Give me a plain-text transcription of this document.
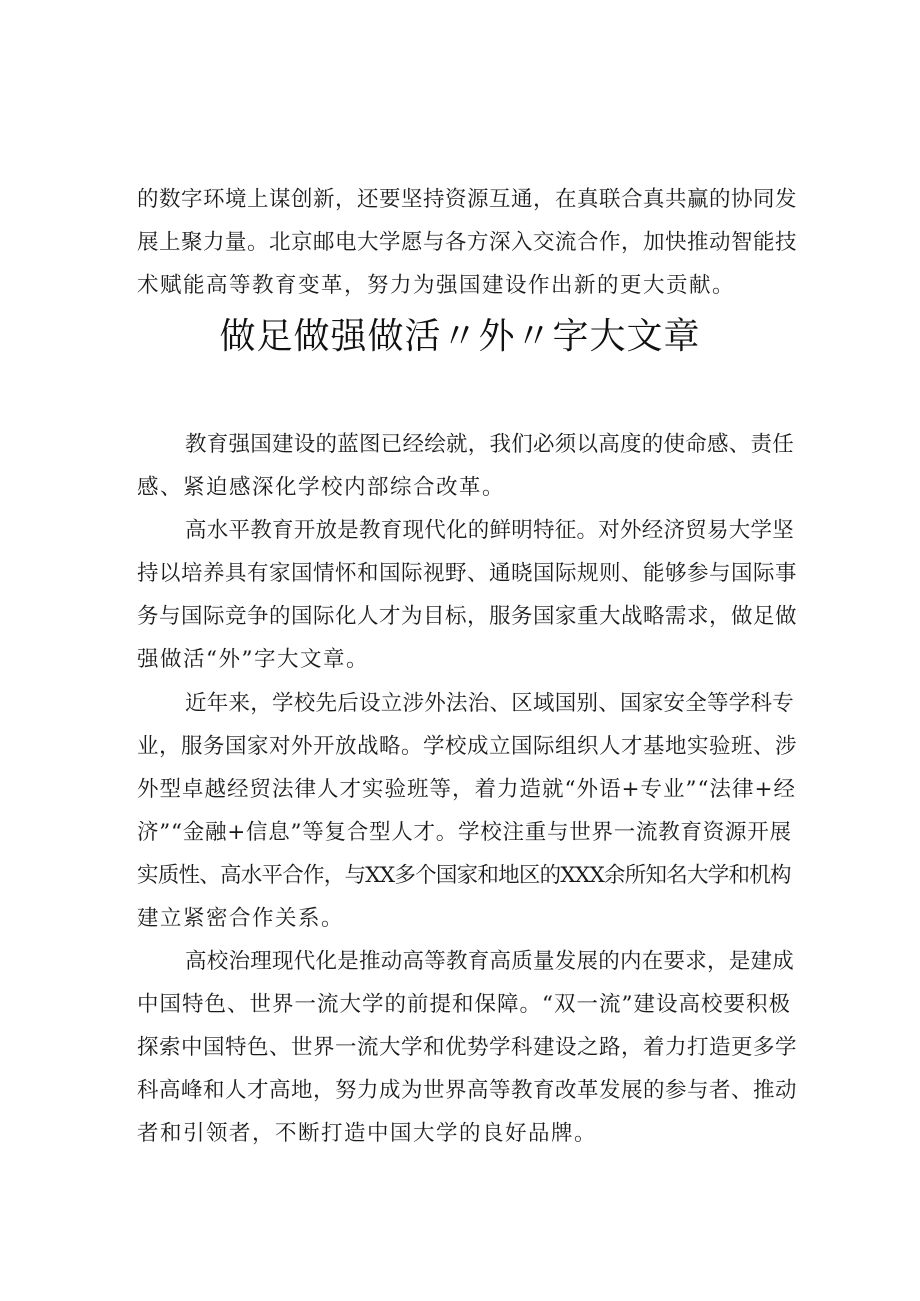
的数字环境上谋创新，还要坚持资源互通，在真联合真共赢的协同发
展上聚力量。北京邮电大学愿与各方深入交流合作，加快推动智能技
术赋能高等教育变革，努力为强国建设作出新的更大贡献。
做足做强做活〃外〃字大文章
教育强国建设的蓝图已经绘就，我们必须以高度的使命感、责任
感、紧迫感深化学校内部综合改革。
高水平教育开放是教育现代化的鲜明特征。对外经济贸易大学坚
持以培养具有家国情怀和国际视野、通晓国际规则、能够参与国际事
务与国际竞争的国际化人才为目标，服务国家重大战略需求，做足做
强做活“外”字大文章。
近年来，学校先后设立涉外法治、区域国别、国家安全等学科专
业，服务国家对外开放战略。学校成立国际组织人才基地实验班、涉
外型卓越经贸法律人才实验班等，着力造就“外语+专业”“法律+经
济”“金融+信息”等复合型人才。学校注重与世界一流教育资源开展
实质性、高水平合作，与XX多个国家和地区的XXX余所知名大学和机构
建立紧密合作关系。
高校治理现代化是推动高等教育高质量发展的内在要求，是建成
中国特色、世界一流大学的前提和保障。“双一流”建设高校要积极
探索中国特色、世界一流大学和优势学科建设之路，着力打造更多学
科高峰和人才高地，努力成为世界高等教育改革发展的参与者、推动
者和引领者，不断打造中国大学的良好品牌。
